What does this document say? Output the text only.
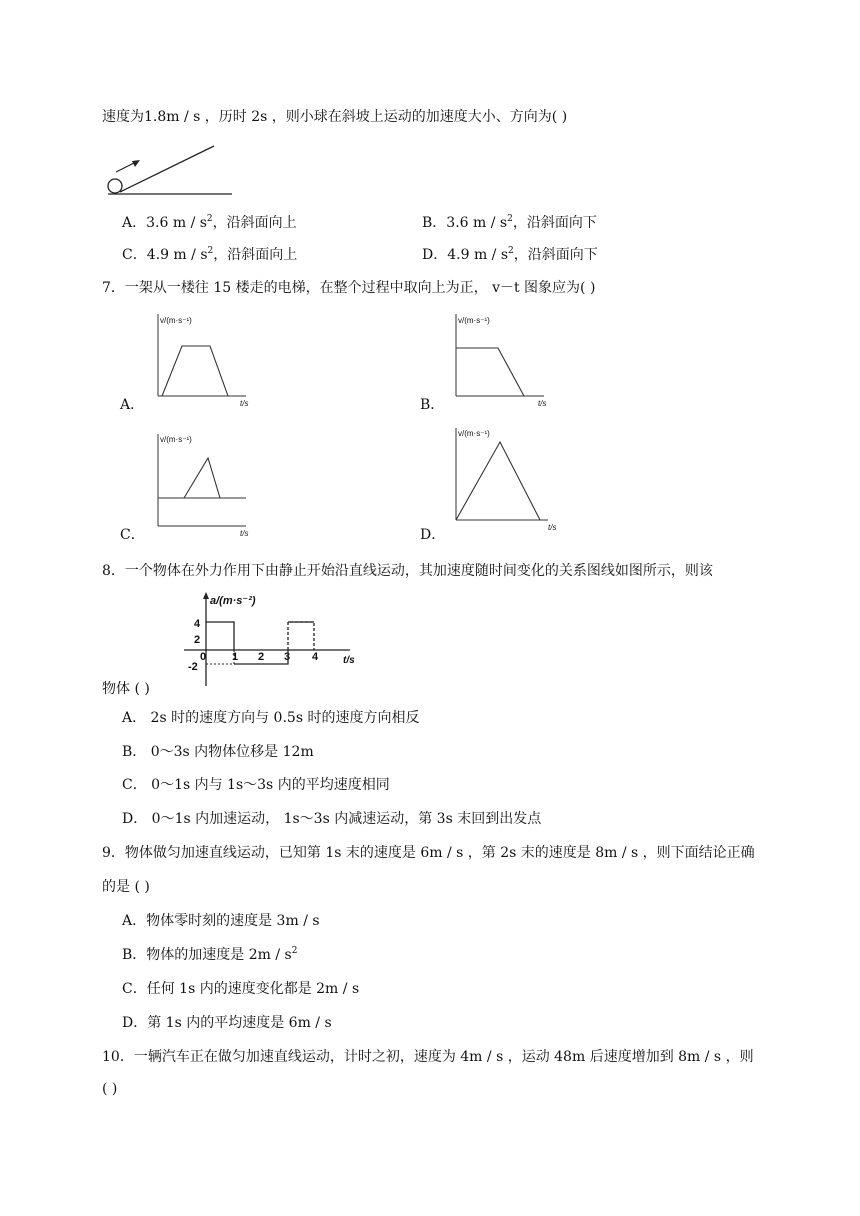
速度为1.8m / s ，历时 2s ，则小球在斜坡上运动的加速度大小、方向为( )
A．3.6 m / $s^2$，沿斜面向上	B．3.6 m / $s^2$，沿斜面向下
C．4.9 m / $s^2$，沿斜面向上	D．4.9 m / $s^2$，沿斜面向下
7．一架从一楼往 15 楼走的电梯，在整个过程中取向上为正， v－t 图象应为( )
A．	B．
C．	D．
v/(m·s⁻¹)
t/s
v/(m·s⁻¹)
t/s
v/(m·s⁻¹)
t/s
v/(m·s⁻¹)
t/s
8．一个物体在外力作用下由静止开始沿直线运动，其加速度随时间变化的关系图线如图所示，则该
a/(m·s⁻²)
t/s
4
2
-2
0 1 2 3 4
物体 ( )
A． 2s 时的速度方向与 0.5s 时的速度方向相反
B． 0～3s 内物体位移是 12m
C． 0～1s 内与 1s～3s 内的平均速度相同
D． 0～1s 内加速运动， 1s～3s 内减速运动，第 3s 末回到出发点
9．物体做匀加速直线运动，已知第 1s 末的速度是 6m / s ，第 2s 末的速度是 8m / s ，则下面结论正确
的是 ( )
A．物体零时刻的速度是 3m / s
B．物体的加速度是 $2m / s^2$
C．任何 1s 内的速度变化都是 2m / s
D．第 1s 内的平均速度是 6m / s
10．一辆汽车正在做匀加速直线运动，计时之初，速度为 4m / s ，运动 48m 后速度增加到 8m / s ，则
( )
